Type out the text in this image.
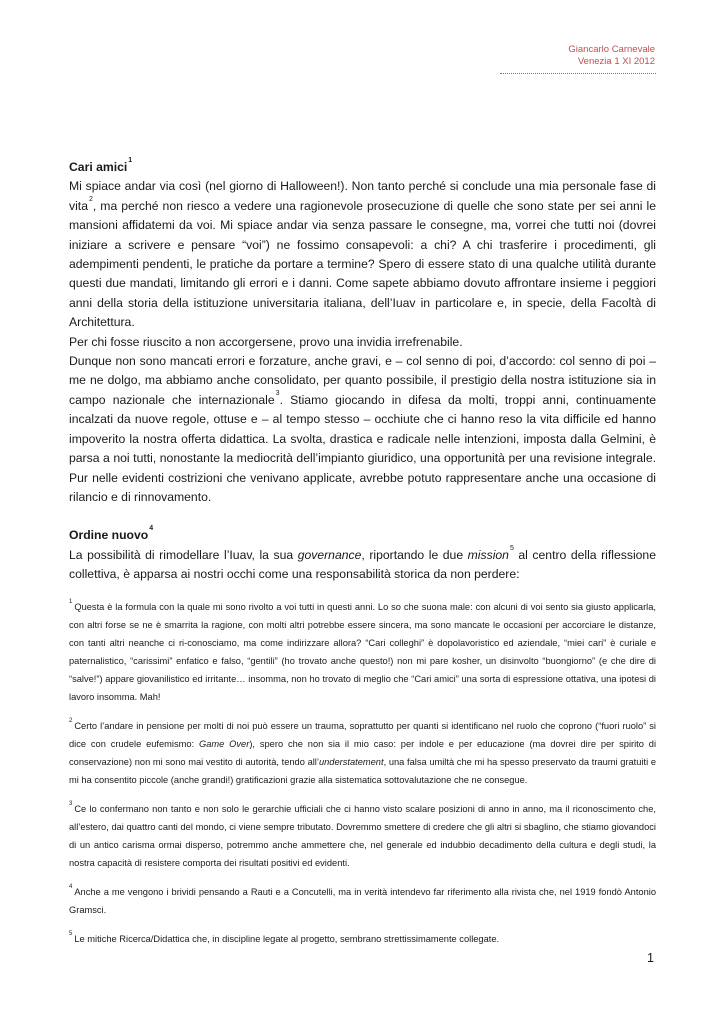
Giancarlo Carnevale
Venezia 1 XI 2012

Cari amici$^1$

Mi spiace andar via così (nel giorno di Halloween!). Non tanto perché si conclude una mia personale fase di vita$^2$, ma perché non riesco a vedere una ragionevole prosecuzione di quelle che sono state per sei anni le mansioni affidatemi da voi. Mi spiace andar via senza passare le consegne, ma, vorrei che tutti noi (dovrei iniziare a scrivere e pensare “voi”) ne fossimo consapevoli: a chi? A chi trasferire i procedimenti, gli adempimenti pendenti, le pratiche da portare a termine? Spero di essere stato di una qualche utilità durante questi due mandati, limitando gli errori e i danni. Come sapete abbiamo dovuto affrontare insieme i peggiori anni della storia della istituzione universitaria italiana, dell’Iuav in particolare e, in specie, della Facoltà di Architettura.

Per chi fosse riuscito a non accorgersene, provo una invidia irrefrenabile.

Dunque non sono mancati errori e forzature, anche gravi, e – col senno di poi, d’accordo: col senno di poi – me ne dolgo, ma abbiamo anche consolidato, per quanto possibile, il prestigio della nostra istituzione sia in campo nazionale che internazionale$^3$. Stiamo giocando in difesa da molti, troppi anni, continuamente incalzati da nuove regole, ottuse e – al tempo stesso – occhiute che ci hanno reso la vita difficile ed hanno impoverito la nostra offerta didattica. La svolta, drastica e radicale nelle intenzioni, imposta dalla Gelmini, è parsa a noi tutti, nonostante la mediocrità dell’impianto giuridico, una opportunità per una revisione integrale. Pur nelle evidenti costrizioni che venivano applicate, avrebbe potuto rappresentare anche una occasione di rilancio e di rinnovamento.

Ordine nuovo$^4$

La possibilità di rimodellare l’Iuav, la sua governance, riportando le due mission$^5$ al centro della riflessione collettiva, è apparsa ai nostri occhi come una responsabilità storica da non perdere:

$^1$ Questa è la formula con la quale mi sono rivolto a voi tutti in questi anni. Lo so che suona male: con alcuni di voi sento sia giusto applicarla, con altri forse se ne è smarrita la ragione, con molti altri potrebbe essere sincera, ma sono mancate le occasioni per accorciare le distanze, con tanti altri neanche ci ri-conosciamo, ma come indirizzare allora? “Cari colleghi” è dopolavoristico ed aziendale, “miei cari” è curiale e paternalistico, “carissimi” enfatico e falso, “gentili” (ho trovato anche questo!) non mi pare kosher, un disinvolto “buongiorno” (e che dire di “salve!”) appare giovanilistico ed irritante… insomma, non ho trovato di meglio che “Cari amici” una sorta di espressione ottativa, una ipotesi di lavoro insomma. Mah!

$^2$ Certo l’andare in pensione per molti di noi può essere un trauma, soprattutto per quanti si identificano nel ruolo che coprono (“fuori ruolo” si dice con crudele eufemismo: Game Over), spero che non sia il mio caso: per indole e per educazione (ma dovrei dire per spirito di conservazione) non mi sono mai vestito di autorità, tendo all’understatement, una falsa umiltà che mi ha spesso preservato da traumi gratuiti e mi ha consentito piccole (anche grandi!) gratificazioni grazie alla sistematica sottovalutazione che ne consegue.

$^3$ Ce lo confermano non tanto e non solo le gerarchie ufficiali che ci hanno visto scalare posizioni di anno in anno, ma il riconoscimento che, all’estero, dai quattro canti del mondo, ci viene sempre tributato. Dovremmo smettere di credere che gli altri si sbaglino, che stiamo giovandoci di un antico carisma ormai disperso, potremmo anche ammettere che, nel generale ed indubbio decadimento della cultura e degli studi, la nostra capacità di resistere comporta dei risultati positivi ed evidenti.

$^4$ Anche a me vengono i brividi pensando a Rauti e a Concutelli, ma in verità intendevo far riferimento alla rivista che, nel 1919 fondò Antonio Gramsci.

$^5$ Le mitiche Ricerca/Didattica che, in discipline legate al progetto, sembrano strettissimamente collegate.

1
